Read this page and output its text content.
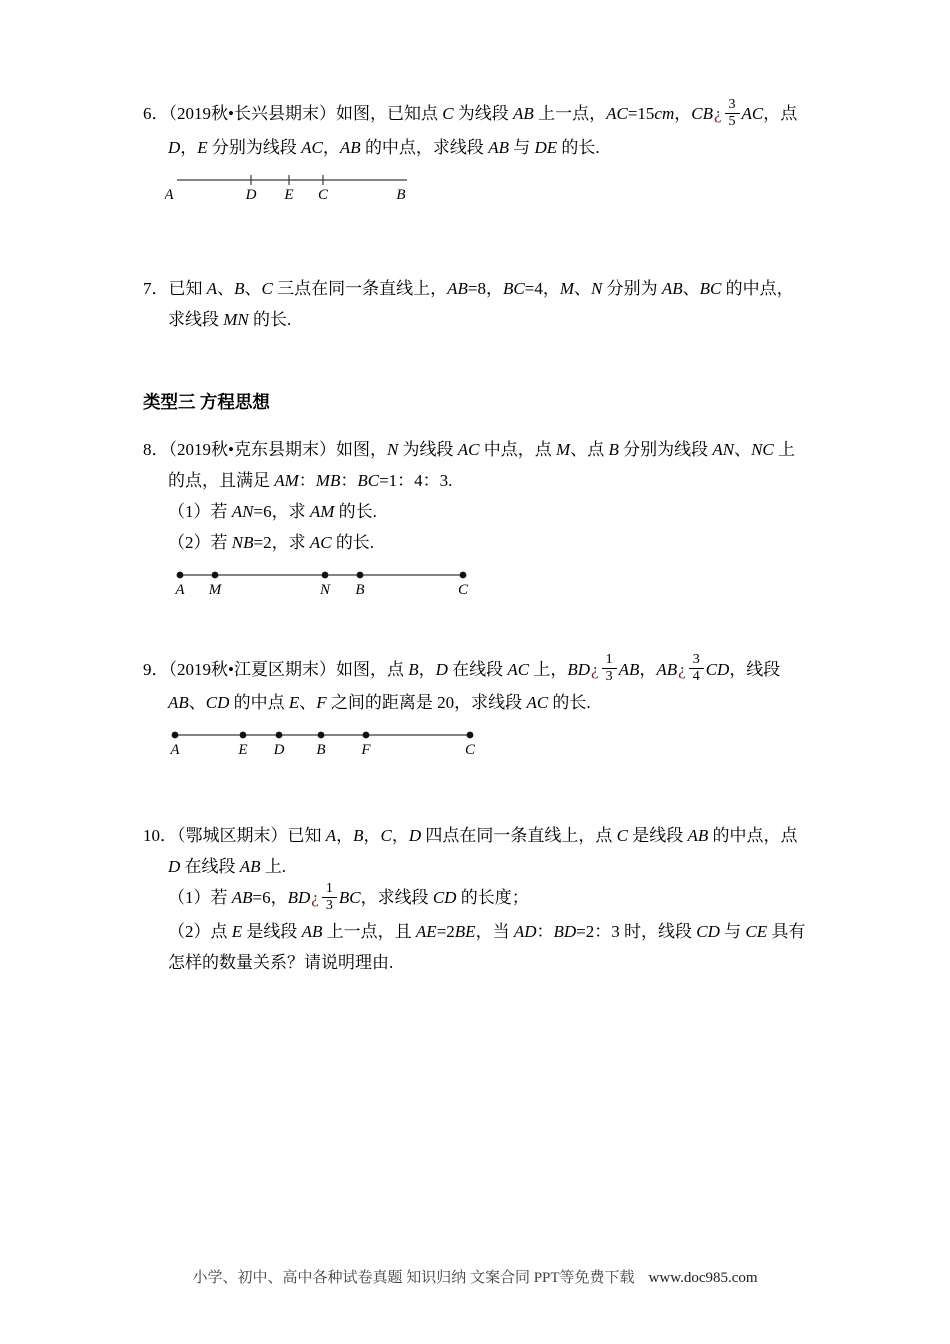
6．（2019秋•长兴县期末）如图，已知点 C 为线段 AB 上一点，AC=15cm，CB¿ $\frac{3}{5}$ AC，点
D，E 分别为线段 AC，AB 的中点，求线段 AB 与 DE 的长.
A	D E C	B
7．已知 A、B、C 三点在同一条直线上，AB=8，BC=4，M、N 分别为 AB、BC 的中点，
求线段 MN 的长.
类型三 方程思想
8．（2019秋•克东县期末）如图，N 为线段 AC 中点，点 M、点 B 分别为线段 AN、NC 上
的点，且满足 AM：MB：BC=1：4：3.
（1）若 AN=6，求 AM 的长.
（2）若 NB=2，求 AC 的长.
A M	N B	C
9．（2019秋•江夏区期末）如图，点 B，D 在线段 AC 上，BD¿ $\frac{1}{3}$ AB，AB¿ $\frac{3}{4}$ CD，线段
AB、CD 的中点 E、F 之间的距离是 20，求线段 AC 的长.
A	E D B F	C
10．（鄂城区期末）已知 A，B，C，D 四点在同一条直线上，点 C 是线段 AB 的中点，点
D 在线段 AB 上.
（1）若 AB=6，BD¿ $\frac{1}{3}$ BC，求线段 CD 的长度；
（2）点 E 是线段 AB 上一点，且 AE=2BE，当 AD：BD=2：3 时，线段 CD 与 CE 具有
怎样的数量关系？请说明理由.
小学、初中、高中各种试卷真题 知识归纳 文案合同 PPT等免费下载 www.doc985.com
